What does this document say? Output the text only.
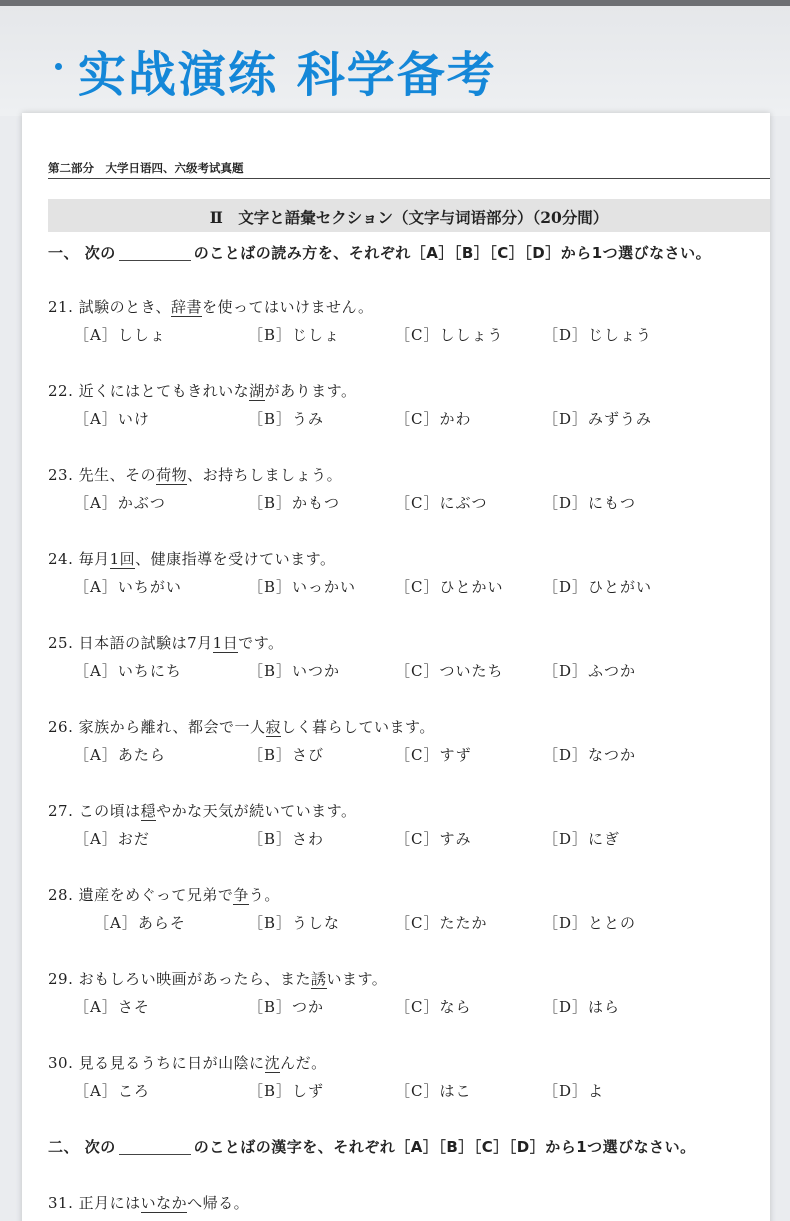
实战演练 科学备考
第二部分　大学日语四、六级考试真题
Ⅱ　文字と語彙セクション（文字与词语部分）（20分間）
一、 次の	のことばの読み方を、それぞれ［A］［B］［C］［D］から1つ選びなさい。
21. 試験のとき、辞書を使ってはいけません。
［A］ししょ	［B］じしょ	［C］ししょう	［D］じしょう
22. 近くにはとてもきれいな湖があります。
［A］いけ	［B］うみ	［C］かわ	［D］みずうみ
23. 先生、その荷物、お持ちしましょう。
［A］かぶつ	［B］かもつ	［C］にぶつ	［D］にもつ
24. 毎月1回、健康指導を受けています。
［A］いちがい	［B］いっかい	［C］ひとかい	［D］ひとがい
25. 日本語の試験は7月1日です。
［A］いちにち	［B］いつか	［C］ついたち	［D］ふつか
26. 家族から離れ、都会で一人寂しく暮らしています。
［A］あたら	［B］さび	［C］すず	［D］なつか
27. この頃は穏やかな天気が続いています。
［A］おだ	［B］さわ	［C］すみ	［D］にぎ
28. 遺産をめぐって兄弟で争う。
［A］あらそ	［B］うしな	［C］たたか	［D］ととの
29. おもしろい映画があったら、また誘います。
［A］さそ	［B］つか	［C］なら	［D］はら
30. 見る見るうちに日が山陰に沈んだ。
［A］ころ	［B］しず	［C］はこ	［D］よ
二、 次の	のことばの漢字を、それぞれ［A］［B］［C］［D］から1つ選びなさい。
31. 正月にはいなかへ帰る。
